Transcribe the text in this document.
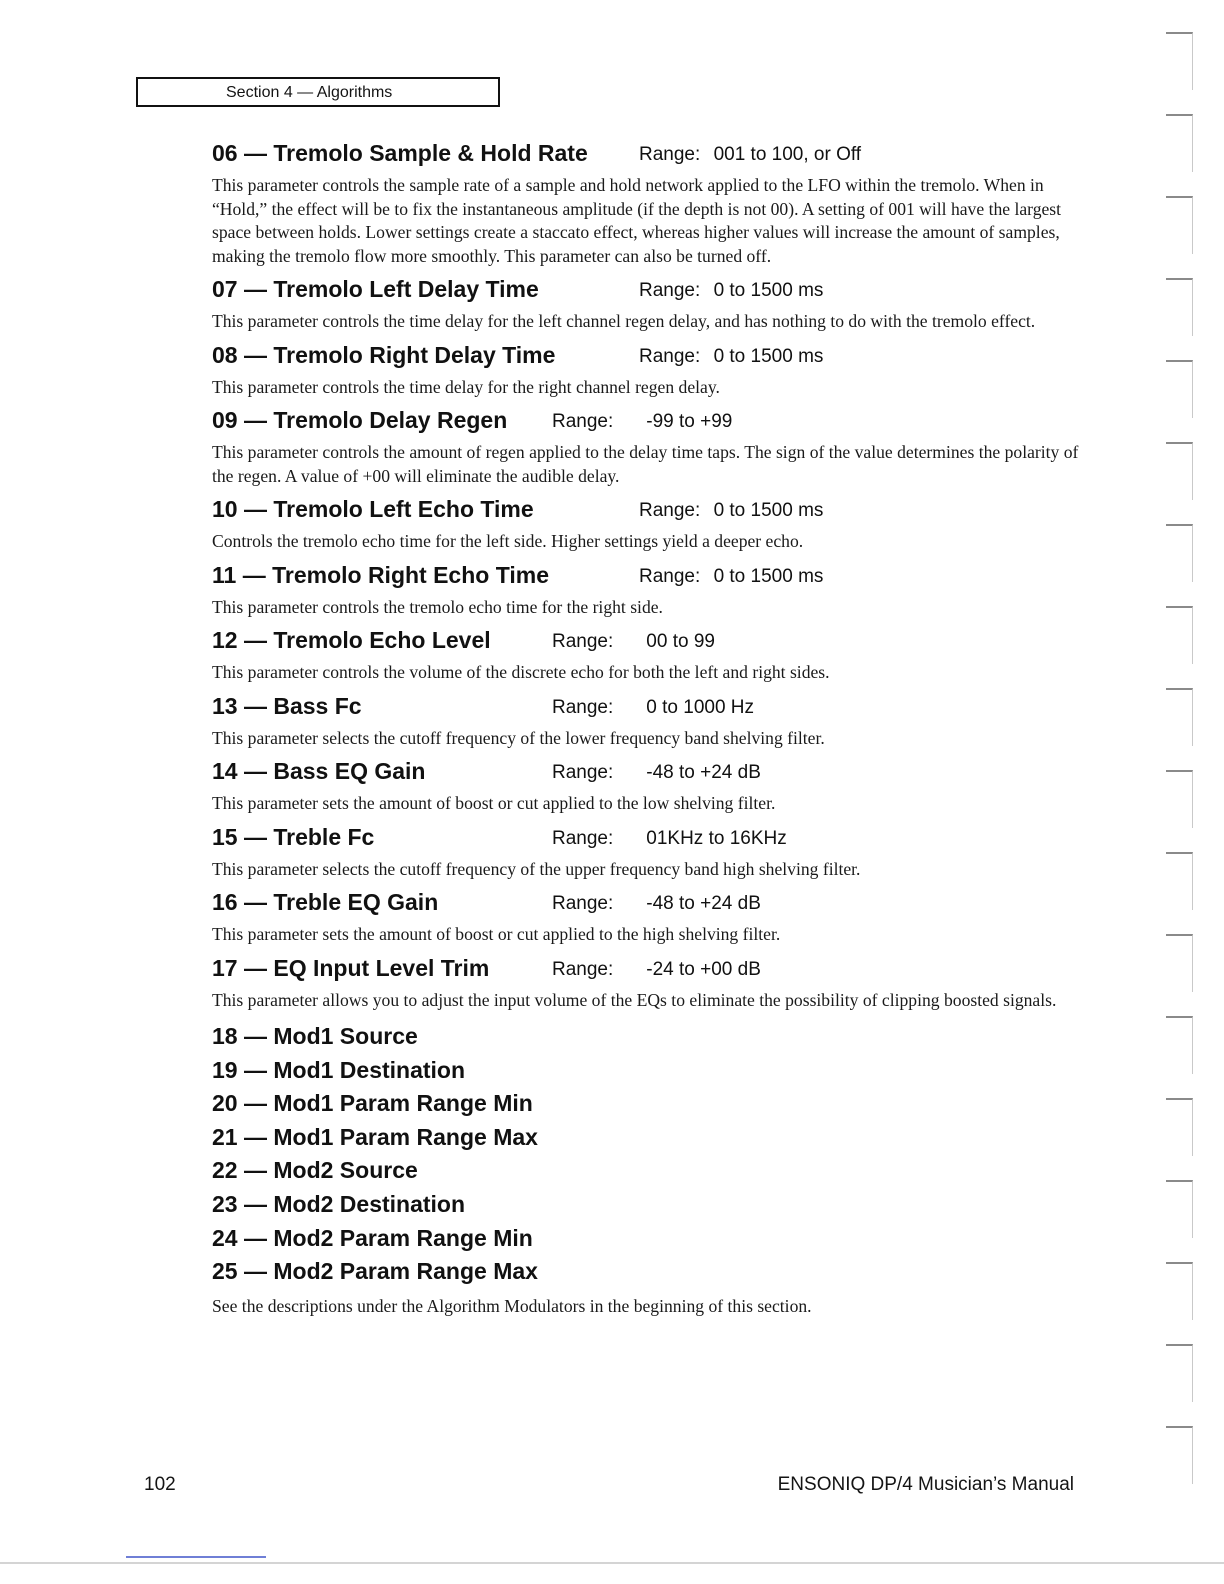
Section 4 — Algorithms
06 — Tremolo Sample & Hold Rate	Range: 001 to 100, or Off
This parameter controls the sample rate of a sample and hold network applied to the LFO within the tremolo. When in “Hold,” the effect will be to fix the instantaneous amplitude (if the depth is not 00). A setting of 001 will have the largest space between holds. Lower settings create a staccato effect, whereas higher values will increase the amount of samples, making the tremolo flow more smoothly. This parameter can also be turned off.
07 — Tremolo Left Delay Time	Range: 0 to 1500 ms
This parameter controls the time delay for the left channel regen delay, and has nothing to do with the tremolo effect.
08 — Tremolo Right Delay Time	Range: 0 to 1500 ms
This parameter controls the time delay for the right channel regen delay.
09 — Tremolo Delay Regen Range: -99 to +99
This parameter controls the amount of regen applied to the delay time taps. The sign of the value determines the polarity of the regen. A value of +00 will eliminate the audible delay.
10 — Tremolo Left Echo Time	Range: 0 to 1500 ms
Controls the tremolo echo time for the left side. Higher settings yield a deeper echo.
11 — Tremolo Right Echo Time	Range: 0 to 1500 ms
This parameter controls the tremolo echo time for the right side.
12 — Tremolo Echo Level	Range: 00 to 99
This parameter controls the volume of the discrete echo for both the left and right sides.
13 — Bass Fc	Range: 0 to 1000 Hz
This parameter selects the cutoff frequency of the lower frequency band shelving filter.
14 — Bass EQ Gain	Range: -48 to +24 dB
This parameter sets the amount of boost or cut applied to the low shelving filter.
15 — Treble Fc	Range: 01KHz to 16KHz
This parameter selects the cutoff frequency of the upper frequency band high shelving filter.
16 — Treble EQ Gain	Range: -48 to +24 dB
This parameter sets the amount of boost or cut applied to the high shelving filter.
17 — EQ Input Level Trim	Range: -24 to +00 dB
This parameter allows you to adjust the input volume of the EQs to eliminate the possibility of clipping boosted signals.
18 — Mod1 Source
19 — Mod1 Destination
20 — Mod1 Param Range Min
21 — Mod1 Param Range Max
22 — Mod2 Source
23 — Mod2 Destination
24 — Mod2 Param Range Min
25 — Mod2 Param Range Max
See the descriptions under the Algorithm Modulators in the beginning of this section.
102	ENSONIQ DP/4 Musician’s Manual
